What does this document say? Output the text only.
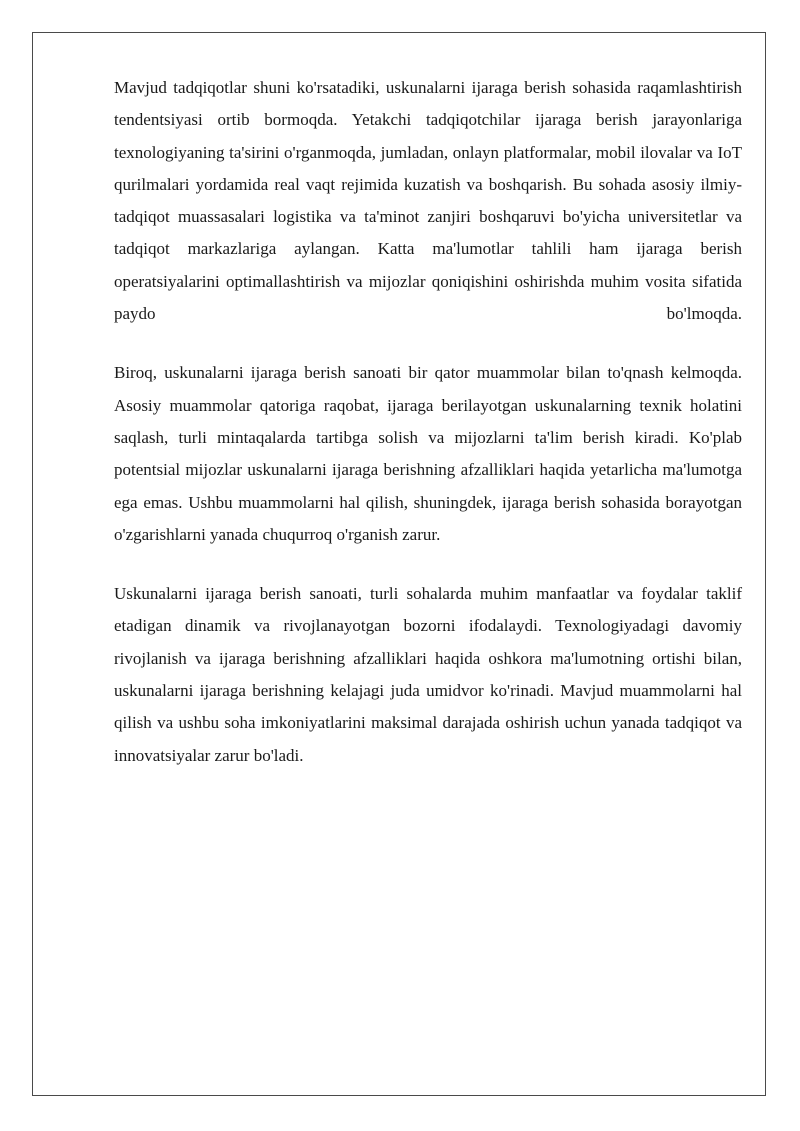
Mavjud tadqiqotlar shuni ko'rsatadiki, uskunalarni ijaraga berish sohasida raqamlashtirish tendentsiyasi ortib bormoqda. Yetakchi tadqiqotchilar ijaraga berish jarayonlariga texnologiyaning ta'sirini o'rganmoqda, jumladan, onlayn platformalar, mobil ilovalar va IoT qurilmalari yordamida real vaqt rejimida kuzatish va boshqarish. Bu sohada asosiy ilmiy-tadqiqot muassasalari logistika va ta'minot zanjiri boshqaruvi bo'yicha universitetlar va tadqiqot markazlariga aylangan. Katta ma'lumotlar tahlili ham ijaraga berish operatsiyalarini optimallashtirish va mijozlar qoniqishini oshirishda muhim vosita sifatida paydo bo'lmoqda.

Biroq, uskunalarni ijaraga berish sanoati bir qator muammolar bilan to'qnash kelmoqda. Asosiy muammolar qatoriga raqobat, ijaraga berilayotgan uskunalarning texnik holatini saqlash, turli mintaqalarda tartibga solish va mijozlarni ta'lim berish kiradi. Ko'plab potentsial mijozlar uskunalarni ijaraga berishning afzalliklari haqida yetarlicha ma'lumotga ega emas. Ushbu muammolarni hal qilish, shuningdek, ijaraga berish sohasida borayotgan o'zgarishlarni yanada chuqurroq o'rganish zarur.

Uskunalarni ijaraga berish sanoati, turli sohalarda muhim manfaatlar va foydalar taklif etadigan dinamik va rivojlanayotgan bozorni ifodalaydi. Texnologiyadagi davomiy rivojlanish va ijaraga berishning afzalliklari haqida oshkora ma'lumotning ortishi bilan, uskunalarni ijaraga berishning kelajagi juda umidvor ko'rinadi. Mavjud muammolarni hal qilish va ushbu soha imkoniyatlarini maksimal darajada oshirish uchun yanada tadqiqot va innovatsiyalar zarur bo'ladi.
